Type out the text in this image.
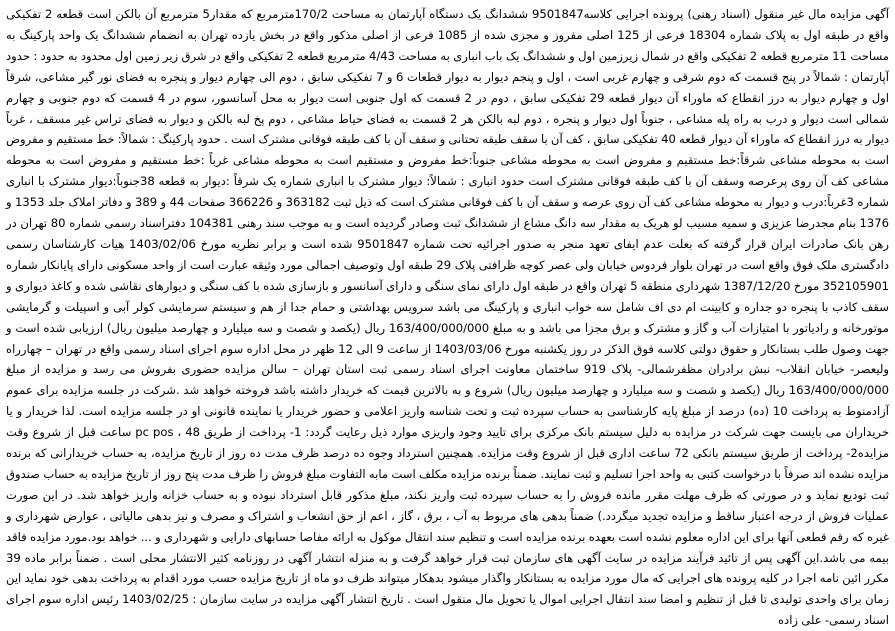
آگهی مزایده مال غیر منقول (اسناد رهنی) پرونده اجرایی کلاسه9501847 ششدانگ یک دستگاه آپارتمان به مساحت 170/2مترمربع که مقدار5 مترمربع آن بالکن است قطعه 2 تفکیکی واقع در طبقه اول به پلاک شماره 18304 فرعی از 125 اصلی مفروز و مجزی شده از 1085 فرعی از اصلی مذکور واقع در بخش یازده تهران به انضمام ششدانگ یک واحد پارکینگ به مساحت 11 مترمربع قطعه 2 تفکیکی واقع در شمال زیرزمین اول و ششدانگ یک باب انباری به مساحت 4/43 مترمربع قطعه 2 تفکیکی واقع در شرق زیر زمین اول محدود به حدود : حدود آپارتمان : شمالاً در پنج قسمت که دوم شرقی و چهارم غربی است ، اول و پنجم دیوار به دیوار قطعات 6 و 7 تفکیکی سابق ، دوم الی چهارم دیوار و پنجره به فضای نور گیر مشاعی، شرقاً اول و چهارم دیوار به درز انقطاع که ماوراء آن دیوار قطعه 29 تفکیکی سابق ، دوم در 2 قسمت که اول جنوبی است دیوار به محل آسانسور، سوم در 4 قسمت که دوم جنوبی و چهارم شمالی است دیوار و درب به راه پله مشاعی ، جنوباً اول دیوار و پنجره ، دوم لبه بالکن هر 2 قسمت به فضای حیاط مشاعی ، دوم پخ لبه بالکن و دیوار به فضای تراس غیر مسقف ، غرباً دیوار به درز انقطاع که ماوراء آن دیوار قطعه 40 تفکیکی سابق ، کف آن با سقف طبقه تحتانی و سقف آن با کف طبقه فوقانی مشترک است . حدود پارکینگ : شمالاً: خط مستقیم و مفروض است به محوطه مشاعی شرقاً:خط مستقیم و مفروض است به محوطه مشاعی جنوباً:خط مفروض و مستقیم است به محوطه مشاعی غرباً :خط مستقیم و مفروض است به محوطه مشاعی کف آن روی پرعرصه وسقف آن با کف طبقه فوقانی مشترک است حدود انباری : شمالاً: دیوار مشترک با انباری شماره یک شرقاً :دیوار به قطعه 38جنوباً:دیوار مشترک با انباری شماره 3غرباً:درب و دیوار به محوطه مشاعی کف آن روی عرصه و سقف آن با کف فوقانی مشترک است که ذیل ثبت 363182 و 366226 صفحات 44 و 389 و دفاتر املاک جلد 1353 و 1376 بنام مجدرضا عزیزی و سمیه مسیب لو هریک به مقدار سه دانگ مشاع از ششدانگ ثبت وصادر گردیده است و به موجب سند رهنی 104381 دفتراسناد رسمی شماره 80 تهران در رهن بانک صادرات ایران قرار گرفته که بعلت عدم ایفای تعهد منجر به صدور اجرائیه تحت شماره 9501847 شده است و برابر نظریه مورخ 1403/02/06 هیات کارشناسان رسمی دادگستری ملک فوق واقع است در تهران بلوار فردوس خیابان ولی عصر کوچه ظرافتی پلاک 29 طبقه اول وتوصیف اجمالی مورد وثیقه عبارت است از واحد مسکونی دارای پایانکار شماره 352105901 مورخ 1387/12/20 شهرداری منطقه 5 تهران واقع در طبقه اول دارای نمای سنگی و دارای آسانسور و بازسازی شده با کف سنگی و دیوارهای نقاشی شده و کاغذ دیواری و سقف کاذب با پنجره دو جداره و کابینت ام دی اف شامل سه خواب انباری و پارکینگ می باشد سرویس بهداشتی و حمام جدا از هم و سیستم سرمایشی کولر آبی و اسپیلت و گرمایشی موتورخانه و رادیاتور با امتیازات آب و گاز و مشترک و برق مجزا می باشد و به مبلغ 163/400/000/000 ریال (یکصد و شصت و سه میلیارد و چهارصد میلیون ریال) ارزیابی شده است و جهت وصول طلب بستانکار و حقوق دولتی کلاسه فوق الذکر در روز یکشنبه مورخ 1403/03/06 از ساعت 9 الی 12 ظهر در محل اداره سوم اجرای اسناد رسمی واقع در تهران – چهارراه ولیعصر- خیابان انقلاب- نبش برادران مظفرشمالی- پلاک 919 ساختمان معاونت اجرای اسناد رسمی ثبت استان تهران – سالن مزایده حضوری بفروش می رسد و مزایده از مبلغ 163/400/000/000 ریال (یکصد و شصت و سه میلیارد و چهارصد میلیون ریال) شروع و به بالاترین قیمت که خریدار داشته باشد فروخته خواهد شد .شرکت در جلسه مزایده برای عموم آزادمنوط به پرداخت 10 (ده) درصد از مبلغ پایه کارشناسی به حساب سپرده ثبت و تحت شناسه واریز اعلامی و حضور خریدار یا نماینده قانونی او در جلسه مزایده است. لذا خریدار و یا خریداران می بایست جهت شرکت در مزایده به دلیل سیستم بانک مرکزی برای تایید وجود واریزی موارد ذیل رعایت گردد: 1- پرداخت از طریق pc pos ، 48 ساعت قبل از شروع وقت مزایده2- پرداخت از طریق سیستم بانکی 72 ساعت اداری قبل از شروع وقت مزایده. همچنین استرداد وجوه ده درصد ظرف مدت ده روز از تاریخ مزایده، به حساب خریدارانی که برنده مزایده نشده اند صرفاً با درخواست کتبی به واحد اجرا تسلیم و ثبت نمایند. ضمناً برنده مزایده مکلف است مابه التفاوت مبلغ فروش را ظرف مدت پنج روز از تاریخ مزایده به حساب صندوق ثبت تودیع نماید و در صورتی که ظرف مهلت مقرر مانده فروش را به حساب سپرده ثبت واریز نکند، مبلغ مذکور قابل استرداد نبوده و به حساب خزانه واریز خواهد شد. در این صورت عملیات فروش از درجه اعتبار ساقط و مزایده تجدید میگردد.) ضمناً بدهی های مربوط به آب ، برق ، گاز ، اعم از حق انشعاب و اشتراک و مصرف و نیز بدهی مالیاتی ، عوارض شهرداری و غیره که رقم قطعی آنها برای این اداره معلوم نشده است بعهده برنده مزایده است و تنظیم سند انتقال موکول به ارائه مفاصا حسابهای دارایی و شهرداری و ... خواهد بود.مورد مزایده فاقد بیمه می باشد.این آگهی پس از تائید فرآیند مزایده در سایت آگهی های سازمان ثبت قرار خواهد گرفت و به منزله انتشار آگهی در روزنامه کثیر الانتشار محلی است . ضمناً برابر ماده 39 مکرر ائین نامه اجرا در کلیه پرونده های اجرایی که مال مورد مزایده به بستانکار واگذار میشود بدهکار میتواند ظرف دو ماه از تاریخ مزایده حسب مورد اقدام به پرداخت بدهی خود نماید این زمان برای واحدی تولیدی تا قبل از تنظیم و امضا سند انتقال اجرایی اموال یا تحویل مال منقول است . تاریخ انتشار آگهی مزایده در سایت سازمان : 1403/02/25 رئیس اداره سوم اجرای اسناد رسمی- علی زاده
